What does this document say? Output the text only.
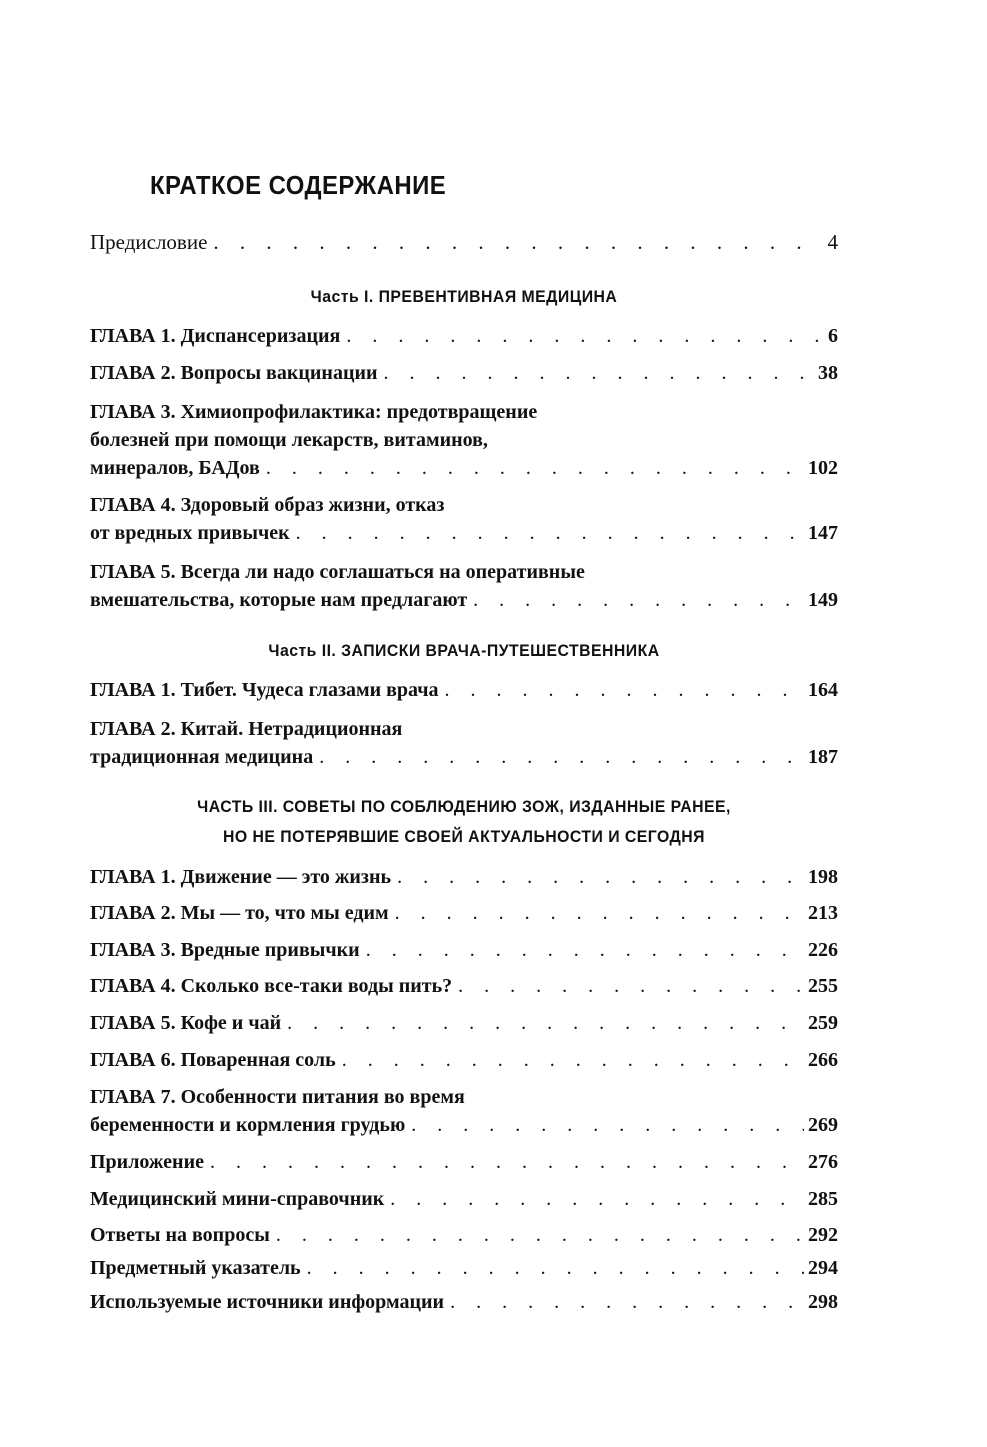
КРАТКОЕ СОДЕРЖАНИЕ
Предисловие . . .	4
Часть I. ПРЕВЕНТИВНАЯ МЕДИЦИНА
ГЛАВА 1. Диспансеризация . . .	6
ГЛАВА 2. Вопросы вакцинации . . .	38
ГЛАВА 3. Химиопрофилактика: предотвращение
болезней при помощи лекарств, витаминов,
минералов, БАДов . . .	102
ГЛАВА 4. Здоровый образ жизни, отказ
от вредных привычек . . .	147
ГЛАВА 5. Всегда ли надо соглашаться на оперативные
вмешательства, которые нам предлагают . . .	149
Часть II. ЗАПИСКИ ВРАЧА-ПУТЕШЕСТВЕННИКА
ГЛАВА 1. Тибет. Чудеса глазами врача . . .	164
ГЛАВА 2. Китай. Нетрадиционная
традиционная медицина . . .	187
ЧАСТЬ III. СОВЕТЫ ПО СОБЛЮДЕНИЮ ЗОЖ, ИЗДАННЫЕ РАНЕЕ,
НО НЕ ПОТЕРЯВШИЕ СВОЕЙ АКТУАЛЬНОСТИ И СЕГОДНЯ
ГЛАВА 1. Движение — это жизнь . . .	198
ГЛАВА 2. Мы — то, что мы едим . . .	213
ГЛАВА 3. Вредные привычки . . .	226
ГЛАВА 4. Сколько все-таки воды пить? . . .	255
ГЛАВА 5. Кофе и чай . . .	259
ГЛАВА 6. Поваренная соль . . .	266
ГЛАВА 7. Особенности питания во время
беременности и кормления грудью . . .	269
Приложение . . .	276
Медицинский мини-справочник . . .	285
Ответы на вопросы . . .	292
Предметный указатель . . .	294
Используемые источники информации . . .	298
